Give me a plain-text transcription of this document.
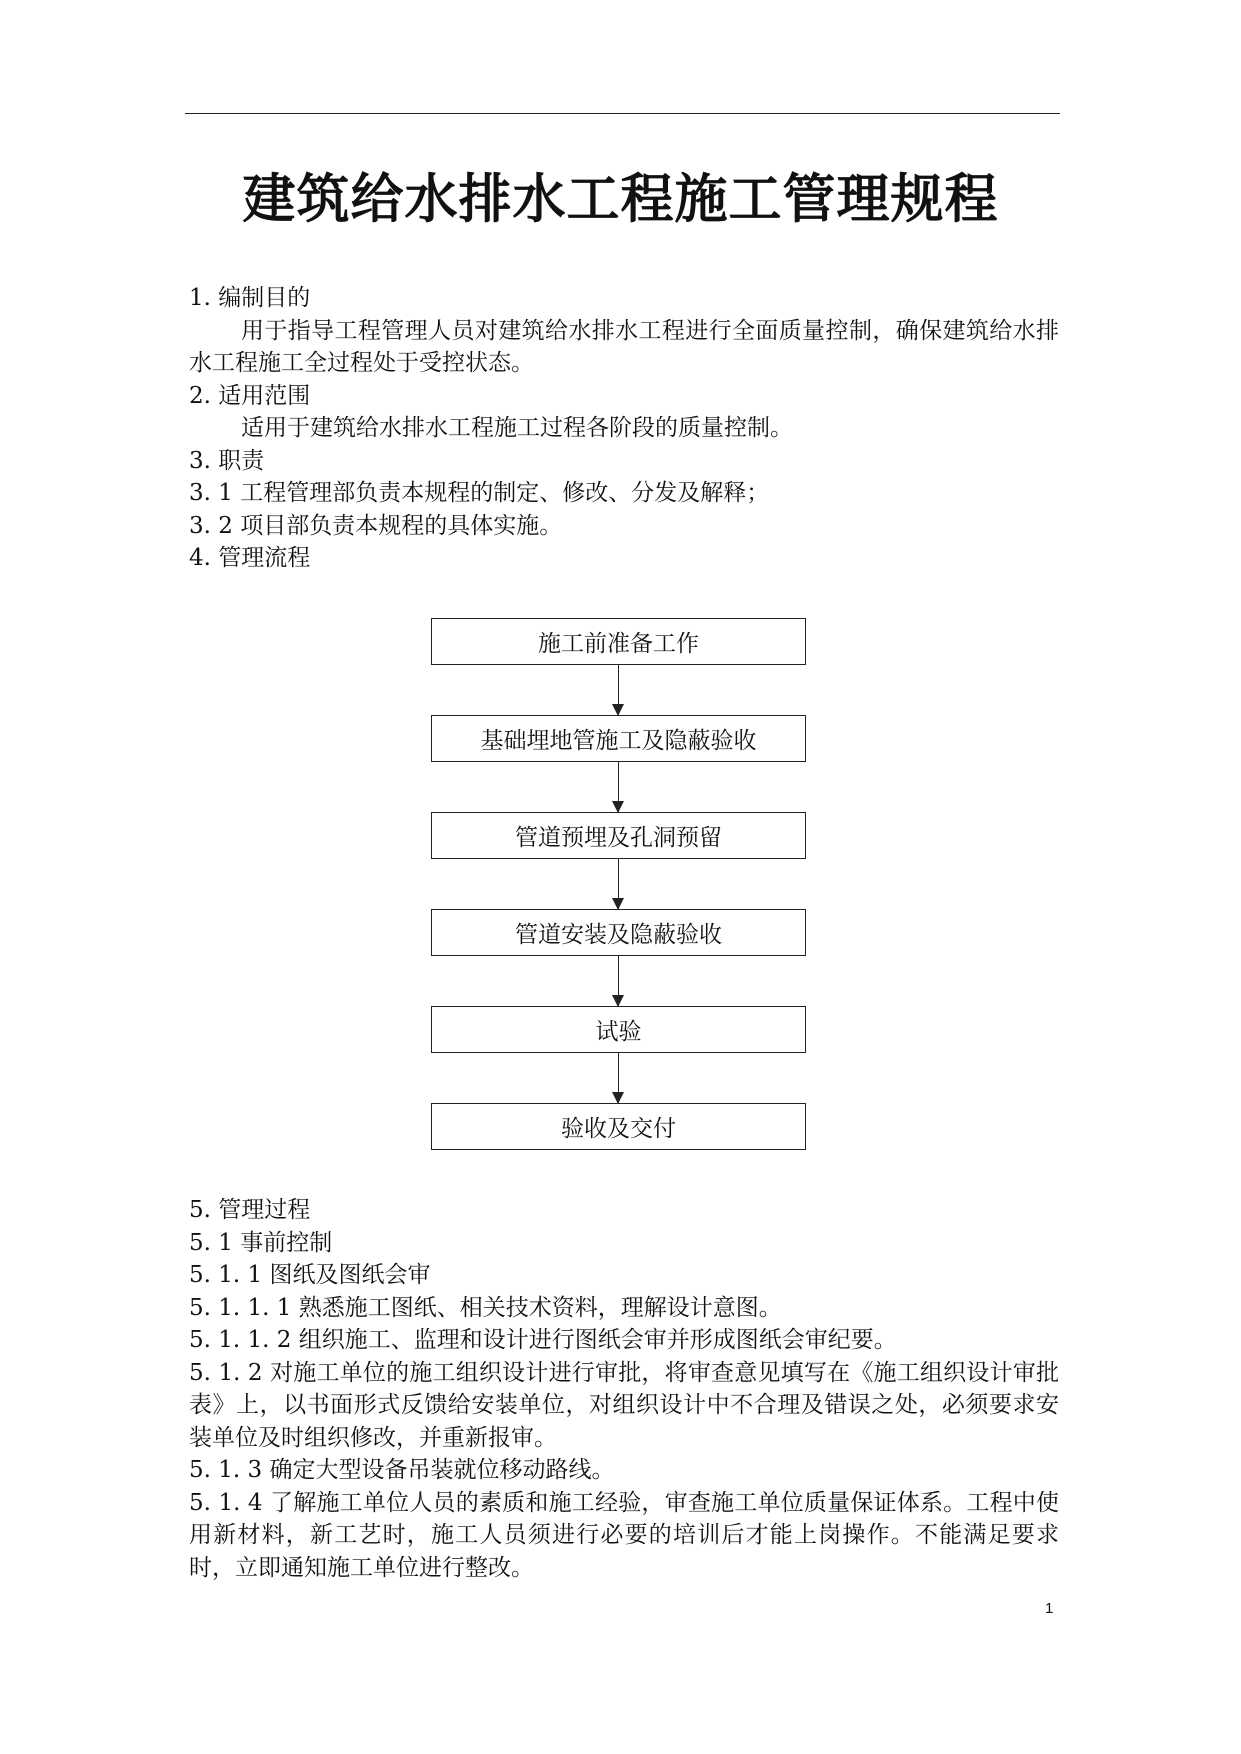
建筑给水排水工程施工管理规程

1. 编制目的

用于指导工程管理人员对建筑给水排水工程进行全面质量控制，确保建筑给水排水工程施工全过程处于受控状态。

2. 适用范围

适用于建筑给水排水工程施工过程各阶段的质量控制。

3. 职责

3. 1 工程管理部负责本规程的制定、修改、分发及解释；

3. 2 项目部负责本规程的具体实施。

4. 管理流程

施工前准备工作
基础埋地管施工及隐蔽验收
管道预埋及孔洞预留
管道安装及隐蔽验收
试验
验收及交付

5. 管理过程

5. 1 事前控制

5. 1. 1 图纸及图纸会审

5. 1. 1. 1 熟悉施工图纸、相关技术资料，理解设计意图。

5. 1. 1. 2 组织施工、监理和设计进行图纸会审并形成图纸会审纪要。

5. 1. 2 对施工单位的施工组织设计进行审批，将审查意见填写在《施工组织设计审批表》上，以书面形式反馈给安装单位，对组织设计中不合理及错误之处，必须要求安装单位及时组织修改，并重新报审。

5. 1. 3 确定大型设备吊装就位移动路线。

5. 1. 4 了解施工单位人员的素质和施工经验，审查施工单位质量保证体系。工程中使用新材料，新工艺时，施工人员须进行必要的培训后才能上岗操作。不能满足要求时，立即通知施工单位进行整改。

1
